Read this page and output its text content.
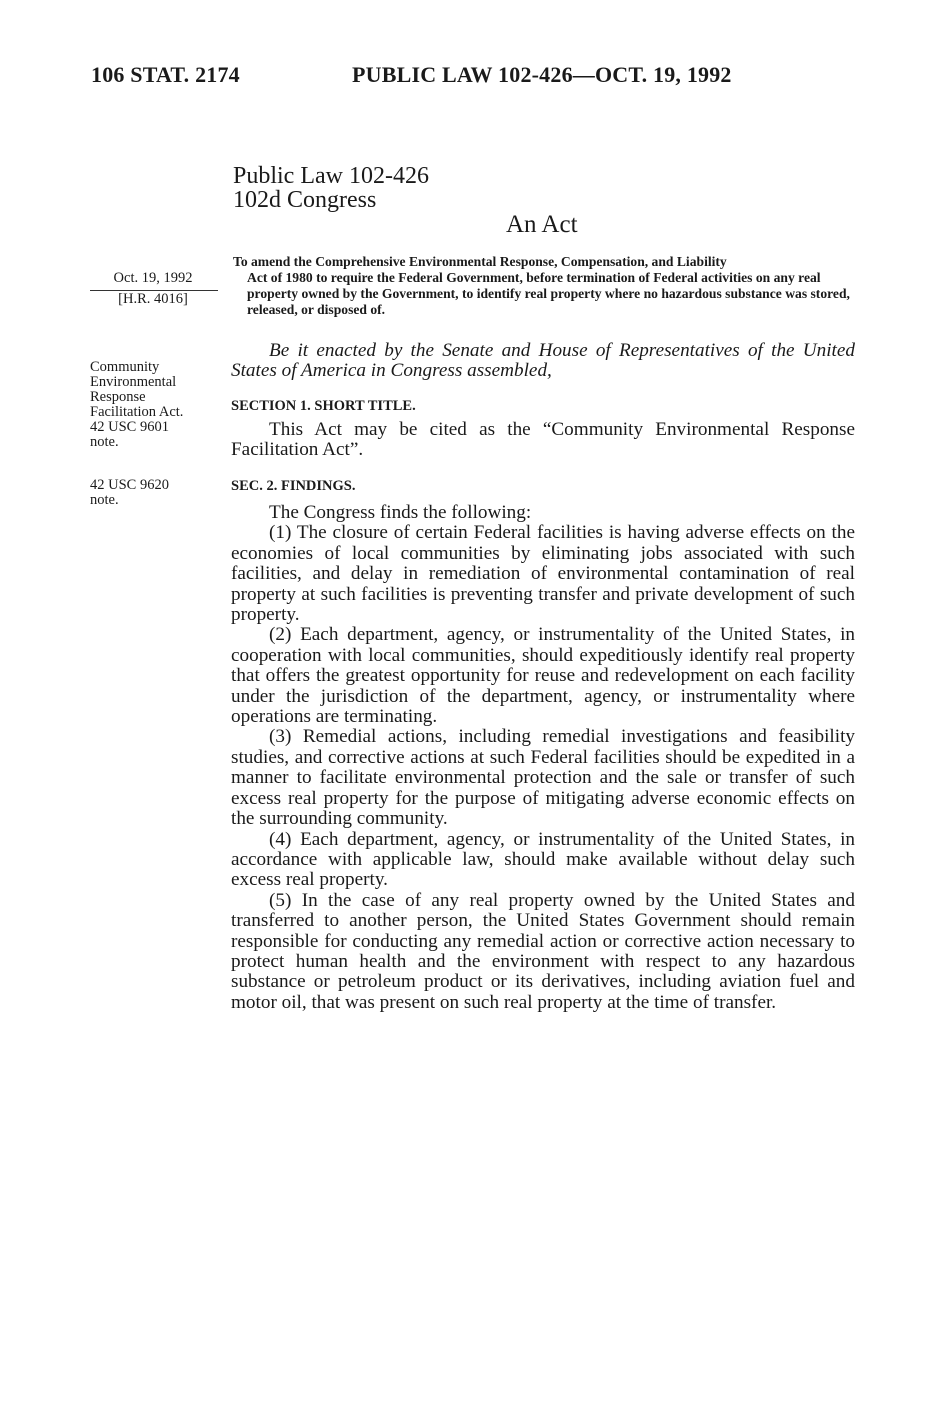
106 STAT. 2174	PUBLIC LAW 102-426—OCT. 19, 1992
Public Law 102-426
102d Congress
An Act
Oct. 19, 1992
[H.R. 4016]
Community
Environmental
Response
Facilitation Act.
42 USC 9601
note.
42 USC 9620
note.
To amend the Comprehensive Environmental Response, Compensation, and Liability
Act of 1980 to require the Federal Government, before termination of Federal activities on any real property owned by the Government, to identify real property where no hazardous substance was stored, released, or disposed of.
Be it enacted by the Senate and House of Representatives of the United States of America in Congress assembled,
SECTION 1. SHORT TITLE.
This Act may be cited as the “Community Environmental Response Facilitation Act”.
SEC. 2. FINDINGS.

The Congress finds the following:

(1) The closure of certain Federal facilities is having adverse effects on the economies of local communities by eliminating jobs associated with such facilities, and delay in remediation of environmental contamination of real property at such facilities is preventing transfer and private development of such property.

(2) Each department, agency, or instrumentality of the United States, in cooperation with local communities, should expeditiously identify real property that offers the greatest opportunity for reuse and redevelopment on each facility under the jurisdiction of the department, agency, or instrumentality where operations are terminating.

(3) Remedial actions, including remedial investigations and feasibility studies, and corrective actions at such Federal facilities should be expedited in a manner to facilitate environmental protection and the sale or transfer of such excess real property for the purpose of mitigating adverse economic effects on the surrounding community.

(4) Each department, agency, or instrumentality of the United States, in accordance with applicable law, should make available without delay such excess real property.

(5) In the case of any real property owned by the United States and transferred to another person, the United States Government should remain responsible for conducting any remedial action or corrective action necessary to protect human health and the environment with respect to any hazardous substance or petroleum product or its derivatives, including aviation fuel and motor oil, that was present on such real property at the time of transfer.
